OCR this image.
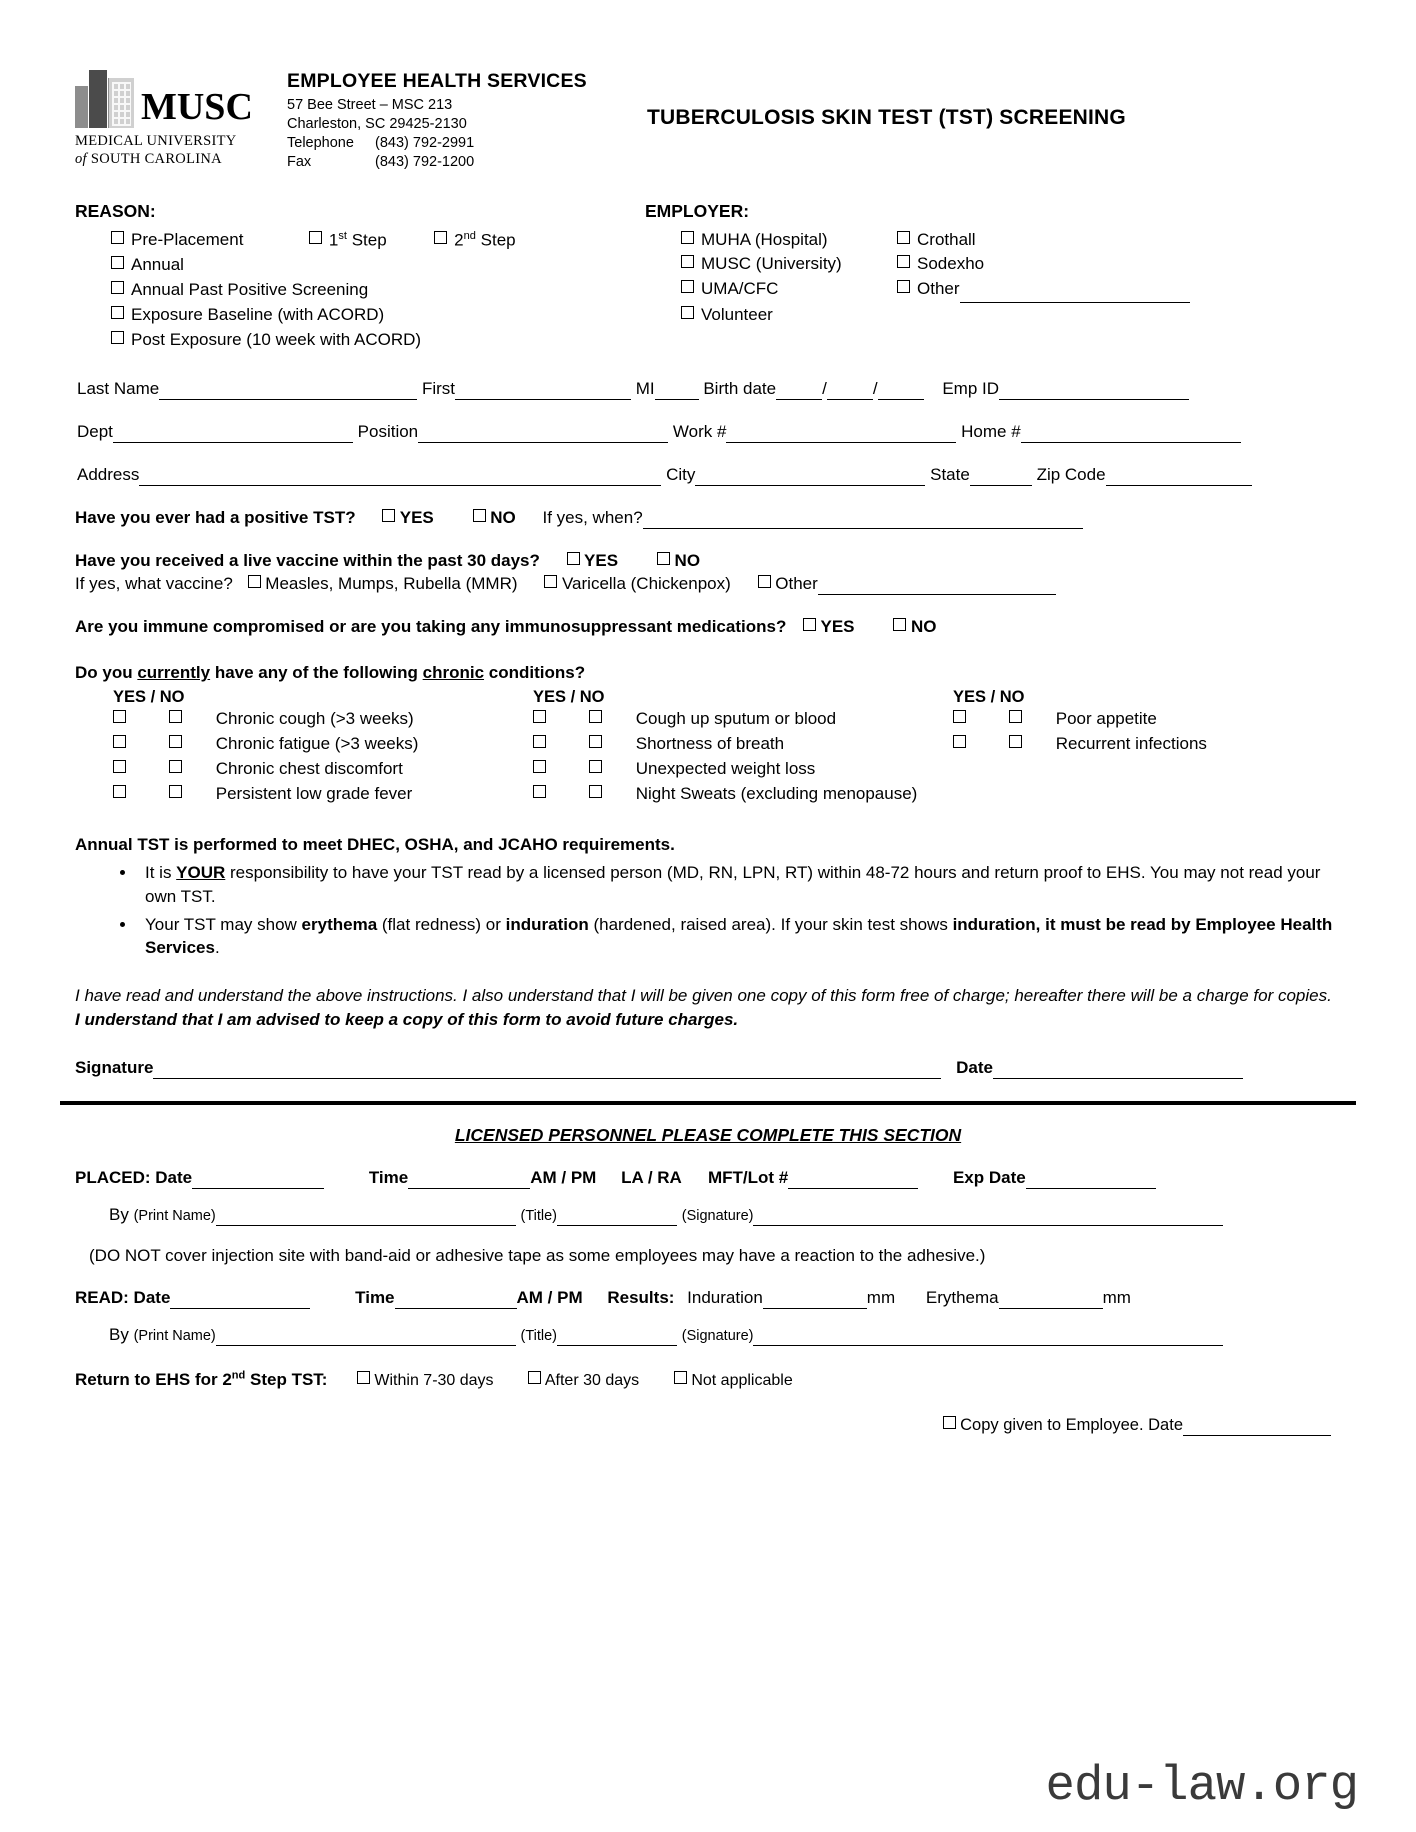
MUSC
MEDICAL UNIVERSITY
of SOUTH CAROLINA
EMPLOYEE HEALTH SERVICES
57 Bee Street – MSC 213
Charleston, SC 29425-2130
Telephone (843) 792-2991
Fax	(843) 792-1200
TUBERCULOSIS SKIN TEST (TST) SCREENING
REASON:
Pre-Placement	1st Step	2nd Step
Annual
Annual Past Positive Screening
Exposure Baseline (with ACORD)
Post Exposure (10 week with ACORD)
EMPLOYER:
MUHA (Hospital)	Crothall
MUSC (University)	Sodexho
UMA/CFC	Other
Volunteer
Last Name	First	MI	Birth date	/	/	Emp ID
Dept	Position	Work #	Home #
Address	City	State	Zip Code
Have you ever had a positive TST?	YES	NO If yes, when?
Have you received a live vaccine within the past 30 days?	YES	NO
If yes, what vaccine? Measles, Mumps, Rubella (MMR)	Varicella (Chickenpox)	Other
Are you immune compromised or are you taking any immunosuppressant medications? YES	NO
Do you currently have any of the following chronic conditions?
YES / NO	YES / NO	YES / NO
Chronic cough (>3 weeks)	Cough up sputum or blood	Poor appetite
Chronic fatigue (>3 weeks)	Shortness of breath	Recurrent infections
Chronic chest discomfort	Unexpected weight loss
Persistent low grade fever	Night Sweats (excluding menopause)
Annual TST is performed to meet DHEC, OSHA, and JCAHO requirements.
• It is YOUR responsibility to have your TST read by a licensed person (MD, RN, LPN, RT) within 48-72 hours and return proof to EHS. You may not read your own TST.
• Your TST may show erythema (flat redness) or induration (hardened, raised area). If your skin test shows induration, it must be read by Employee Health Services.
I have read and understand the above instructions. I also understand that I will be given one copy of this form free of charge; hereafter there will be a charge for copies. I understand that I am advised to keep a copy of this form to avoid future charges.
Signature	Date
LICENSED PERSONNEL PLEASE COMPLETE THIS SECTION
PLACED: Date	Time	AM / PM LA / RA MFT/Lot #	Exp Date
By (Print Name)	(Title)	(Signature)
(DO NOT cover injection site with band-aid or adhesive tape as some employees may have a reaction to the adhesive.)
READ: Date	Time	AM / PM Results: Induration	mm Erythema	mm
By (Print Name)	(Title)	(Signature)
Return to EHS for 2nd Step TST:	Within 7-30 days	After 30 days	Not applicable
Copy given to Employee. Date
edu-law.org
